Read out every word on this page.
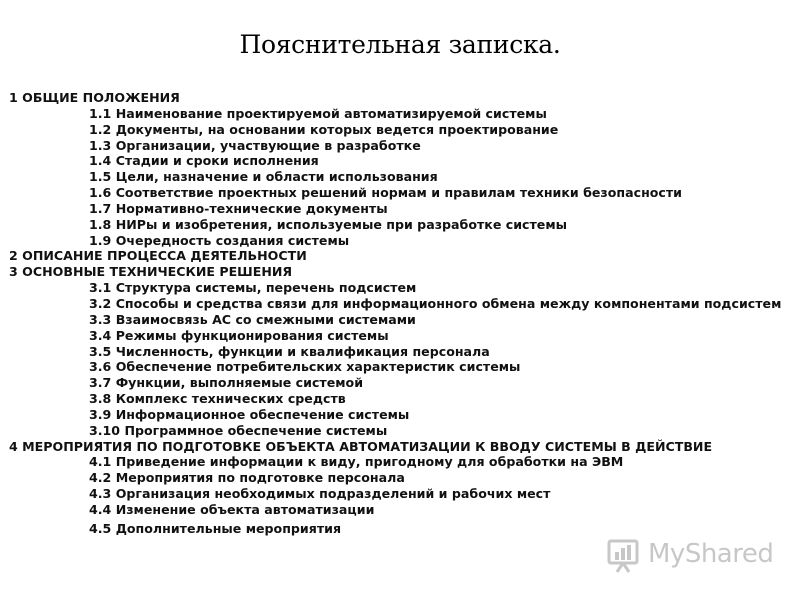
Пояснительная записка.
1 ОБЩИЕ ПОЛОЖЕНИЯ
1.1 Наименование проектируемой автоматизируемой системы
1.2 Документы, на основании которых ведется проектирование
1.3 Организации, участвующие в разработке
1.4 Стадии и сроки исполнения
1.5 Цели, назначение и области использования
1.6 Соответствие проектных решений нормам и правилам техники безопасности
1.7 Нормативно-технические документы
1.8 НИРы и изобретения, используемые при разработке системы
1.9 Очередность создания системы
2 ОПИСАНИЕ ПРОЦЕССА ДЕЯТЕЛЬНОСТИ
3 ОСНОВНЫЕ ТЕХНИЧЕСКИЕ РЕШЕНИЯ
3.1 Структура системы, перечень подсистем
3.2 Способы и средства связи для информационного обмена между компонентами подсистем
3.3 Взаимосвязь АС со смежными системами
3.4 Режимы функционирования системы
3.5 Численность, функции и квалификация персонала
3.6 Обеспечение потребительских характеристик системы
3.7 Функции, выполняемые системой
3.8 Комплекс технических средств
3.9 Информационное обеспечение системы
3.10 Программное обеспечение системы
4 МЕРОПРИЯТИЯ ПО ПОДГОТОВКЕ ОБЪЕКТА АВТОМАТИЗАЦИИ К ВВОДУ СИСТЕМЫ В ДЕЙСТВИЕ
4.1 Приведение информации к виду, пригодному для обработки на ЭВМ
4.2 Мероприятия по подготовке персонала
4.3 Организация необходимых подразделений и рабочих мест
4.4 Изменение объекта автоматизации
4.5 Дополнительные мероприятия
MyShared
